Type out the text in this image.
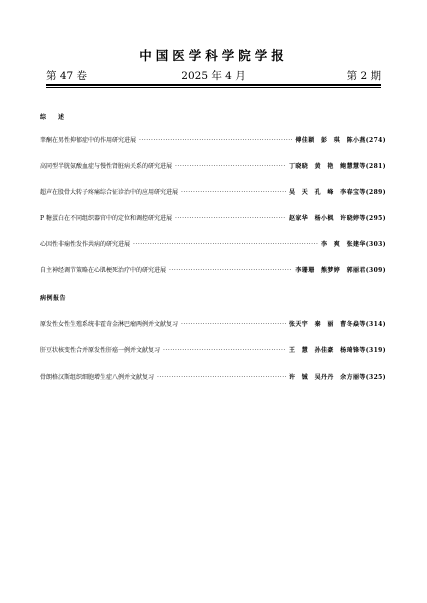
中国医学科学院学报
第 47 卷	2025 年 4 月	第 2 期
综　述
睾酮在男性抑郁症中的作用研究进展 ·····	傅佳颖　彭　琪　陈小燕(274)
高同型半胱氨酸血症与慢性肾脏病关系的研究进展 ·····	丁晓晓　黄　艳　鲍慧慧等(281)
超声在股骨大转子疼痛综合征诊治中的应用研究进展 ·····	吴　天　孔　峰　李春宝等(289)
P 糖蛋白在不同组织器官中的定位和调控研究进展 ·····	赵家华　杨小枫　许晓婷等(295)
心因性非痫性发作共病的研究进展 ·····	李　爽　张建华(303)
自主神经调节策略在心肌梗死治疗中的研究进展 ·····	李珊珊　熊梦婷　郭丽君(309)
病例报告
原发性女性生殖系统非霍奇金淋巴瘤两例并文献复习 ·····	张天宇　秦　丽　曹冬焱等(314)
肝豆状核变性合并原发性肝癌一例并文献复习 ·····	王　慧　孙佳豪　杨琦锋等(319)
骨朗格汉斯组织细胞增生症八例并文献复习 ·····	许　铖　吴丹丹　余方丽等(325)
